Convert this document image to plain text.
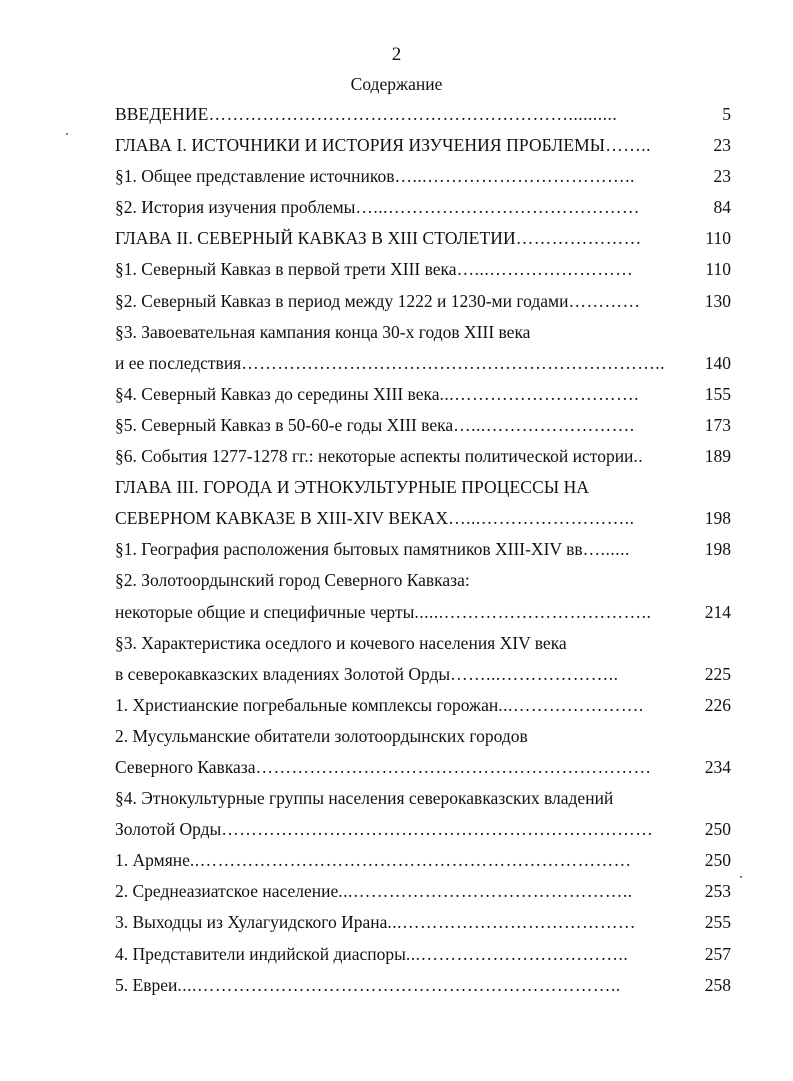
2
Содержание
ВВЕДЕНИЕ ……………………………………………………..........	5
ГЛАВА I. ИСТОЧНИКИ И ИСТОРИЯ ИЗУЧЕНИЯ ПРОБЛЕМЫ ……..	23
§1. Общее представление источников …...……………………………..	23
§2. История изучения проблемы …...……………………………………	84
ГЛАВА II. СЕВЕРНЫЙ КАВКАЗ В XIII СТОЛЕТИИ …………………	110
§1. Северный Кавказ в первой трети XIII века …...……………………	110
§2. Северный Кавказ в период между 1222 и 1230-ми годами …………	130
§3. Завоевательная кампания конца 30-х годов XIII века
и ее последствия ……………………………………………………………..	140
§4. Северный Кавказ до середины XIII века ...………………………….	155
§5. Северный Кавказ в 50-60-е годы XIII века …...…………………….	173
§6. События 1277-1278 гг.: некоторые аспекты политической истории ..	189
ГЛАВА III. ГОРОДА И ЭТНОКУЛЬТУРНЫЕ ПРОЦЕССЫ НА
СЕВЕРНОМ КАВКАЗЕ В XIII-XIV ВЕКАХ …...……………………..	198
§1. География расположения бытовых памятников XIII-XIV вв …......	198
§2. Золотоордынский город Северного Кавказа:
некоторые общие и специфичные черты ......……………………………..	214
§3. Характеристика оседлого и кочевого населения XIV века
в северокавказских владениях Золотой Орды ……...………………..	225
1. Христианские погребальные комплексы горожан ...………………….	226
2. Мусульманские обитатели золотоордынских городов
Северного Кавказа …………………………………………………………	234
§4. Этнокультурные группы населения северокавказских владений
Золотой Орды ………………………………………………………………	250
1. Армяне ..………………………………………………………………	250
2. Среднеазиатское население ...………………………………………..	253
3. Выходцы из Хулагуидского Ирана ...…………………………………	255
4. Представители индийской диаспоры ...……………………………..	257
5. Евреи ....……………………………………………………………..	258
